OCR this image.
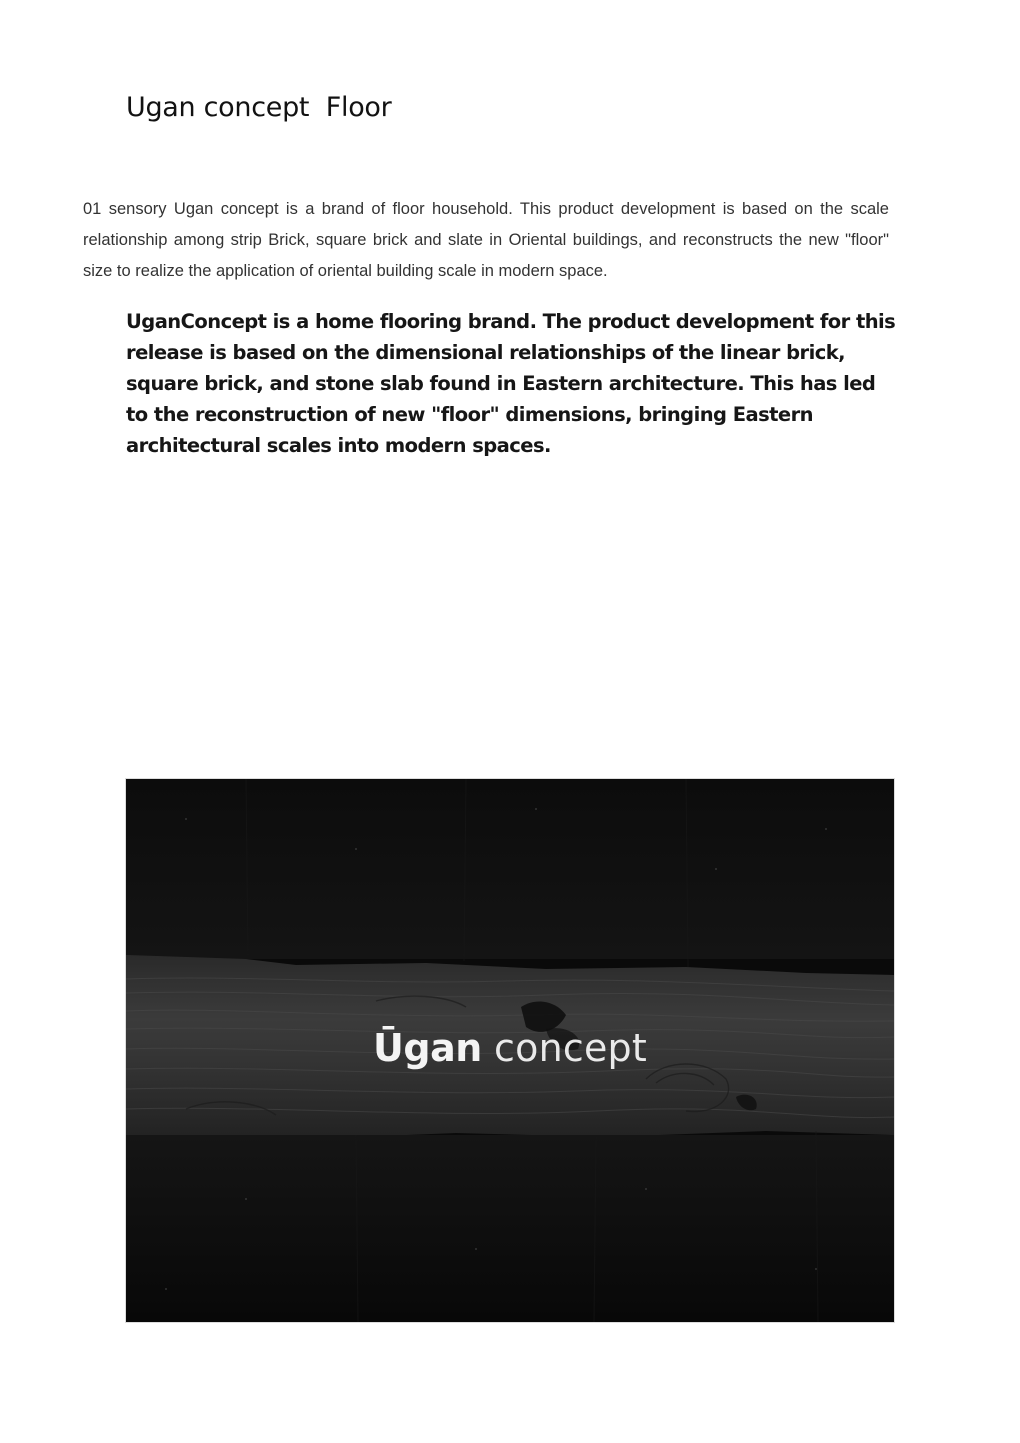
Ugan concept  Floor

01 sensory Ugan concept is a brand of floor household. This product development is based on the scale relationship among strip Brick, square brick and slate in Oriental buildings, and reconstructs the new "floor" size to realize the application of oriental building scale in modern space.

UganConcept is a home flooring brand. The product development for this release is based on the dimensional relationships of the linear brick, square brick, and stone slab found in Eastern architecture. This has led to the reconstruction of new "floor" dimensions, bringing Eastern architectural scales into modern spaces.

Ūgan concept
